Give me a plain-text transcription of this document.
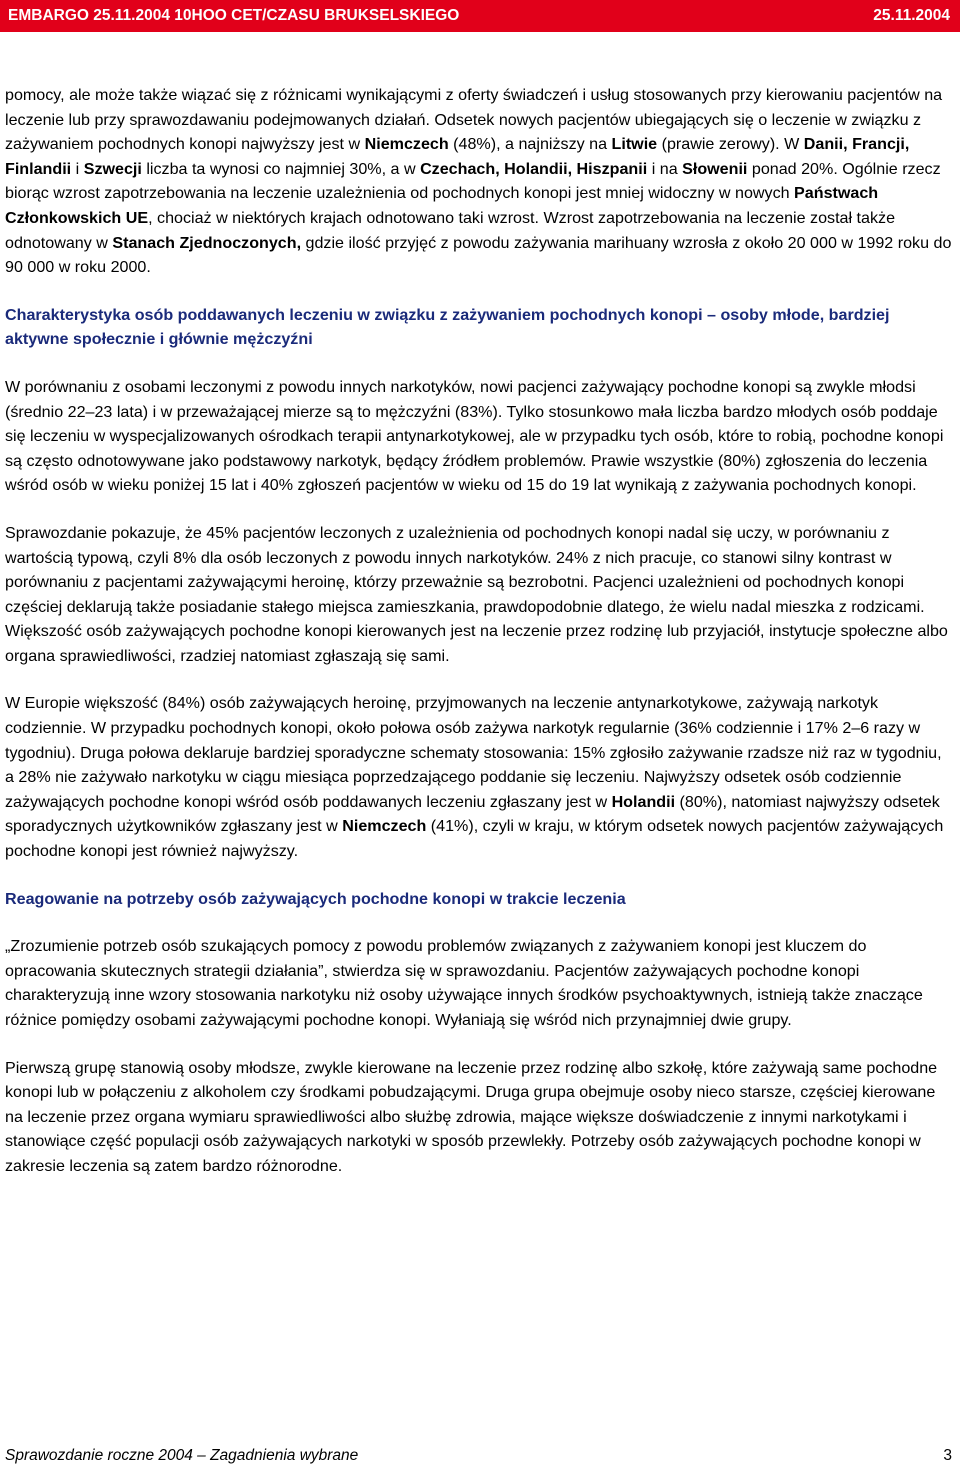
EMBARGO 25.11.2004 10HOO CET/CZASU BRUKSELSKIEGO	25.11.2004

pomocy, ale może także wiązać się z różnicami wynikającymi z oferty świadczeń i usług stosowanych przy kierowaniu pacjentów na leczenie lub przy sprawozdawaniu podejmowanych działań. Odsetek nowych pacjentów ubiegających się o leczenie w związku z zażywaniem pochodnych konopi najwyższy jest w Niemczech (48%), a najniższy na Litwie (prawie zerowy). W Danii, Francji, Finlandii i Szwecji liczba ta wynosi co najmniej 30%, a w Czechach, Holandii, Hiszpanii i na Słowenii ponad 20%. Ogólnie rzecz biorąc wzrost zapotrzebowania na leczenie uzależnienia od pochodnych konopi jest mniej widoczny w nowych Państwach Członkowskich UE, chociaż w niektórych krajach odnotowano taki wzrost. Wzrost zapotrzebowania na leczenie został także odnotowany w Stanach Zjednoczonych, gdzie ilość przyjęć z powodu zażywania marihuany wzrosła z około 20 000 w 1992 roku do 90 000 w roku 2000.

Charakterystyka osób poddawanych leczeniu w związku z zażywaniem pochodnych konopi – osoby młode, bardziej aktywne społecznie i głównie mężczyźni

W porównaniu z osobami leczonymi z powodu innych narkotyków, nowi pacjenci zażywający pochodne konopi są zwykle młodsi (średnio 22–23 lata) i w przeważającej mierze są to mężczyźni (83%). Tylko stosunkowo mała liczba bardzo młodych osób poddaje się leczeniu w wyspecjalizowanych ośrodkach terapii antynarkotykowej, ale w przypadku tych osób, które to robią, pochodne konopi są często odnotowywane jako podstawowy narkotyk, będący źródłem problemów. Prawie wszystkie (80%) zgłoszenia do leczenia wśród osób w wieku poniżej 15 lat i 40% zgłoszeń pacjentów w wieku od 15 do 19 lat wynikają z zażywania pochodnych konopi.

Sprawozdanie pokazuje, że 45% pacjentów leczonych z uzależnienia od pochodnych konopi nadal się uczy, w porównaniu z wartością typową, czyli 8% dla osób leczonych z powodu innych narkotyków. 24% z nich pracuje, co stanowi silny kontrast w porównaniu z pacjentami zażywającymi heroinę, którzy przeważnie są bezrobotni. Pacjenci uzależnieni od pochodnych konopi częściej deklarują także posiadanie stałego miejsca zamieszkania, prawdopodobnie dlatego, że wielu nadal mieszka z rodzicami. Większość osób zażywających pochodne konopi kierowanych jest na leczenie przez rodzinę lub przyjaciół, instytucje społeczne albo organa sprawiedliwości, rzadziej natomiast zgłaszają się sami.

W Europie większość (84%) osób zażywających heroinę, przyjmowanych na leczenie antynarkotykowe, zażywają narkotyk codziennie. W przypadku pochodnych konopi, około połowa osób zażywa narkotyk regularnie (36% codziennie i 17% 2–6 razy w tygodniu). Druga połowa deklaruje bardziej sporadyczne schematy stosowania: 15% zgłosiło zażywanie rzadsze niż raz w tygodniu, a 28% nie zażywało narkotyku w ciągu miesiąca poprzedzającego poddanie się leczeniu. Najwyższy odsetek osób codziennie zażywających pochodne konopi wśród osób poddawanych leczeniu zgłaszany jest w Holandii (80%), natomiast najwyższy odsetek sporadycznych użytkowników zgłaszany jest w Niemczech (41%), czyli w kraju, w którym odsetek nowych pacjentów zażywających pochodne konopi jest również najwyższy.

Reagowanie na potrzeby osób zażywających pochodne konopi w trakcie leczenia

„Zrozumienie potrzeb osób szukających pomocy z powodu problemów związanych z zażywaniem konopi jest kluczem do opracowania skutecznych strategii działania”, stwierdza się w sprawozdaniu. Pacjentów zażywających pochodne konopi charakteryzują inne wzory stosowania narkotyku niż osoby używające innych środków psychoaktywnych, istnieją także znaczące różnice pomiędzy osobami zażywającymi pochodne konopi. Wyłaniają się wśród nich przynajmniej dwie grupy.

Pierwszą grupę stanowią osoby młodsze, zwykle kierowane na leczenie przez rodzinę albo szkołę, które zażywają same pochodne konopi lub w połączeniu z alkoholem czy środkami pobudzającymi. Druga grupa obejmuje osoby nieco starsze, częściej kierowane na leczenie przez organa wymiaru sprawiedliwości albo służbę zdrowia, mające większe doświadczenie z innymi narkotykami i stanowiące część populacji osób zażywających narkotyki w sposób przewlekły. Potrzeby osób zażywających pochodne konopi w zakresie leczenia są zatem bardzo różnorodne.

Sprawozdanie roczne 2004 – Zagadnienia wybrane	3
